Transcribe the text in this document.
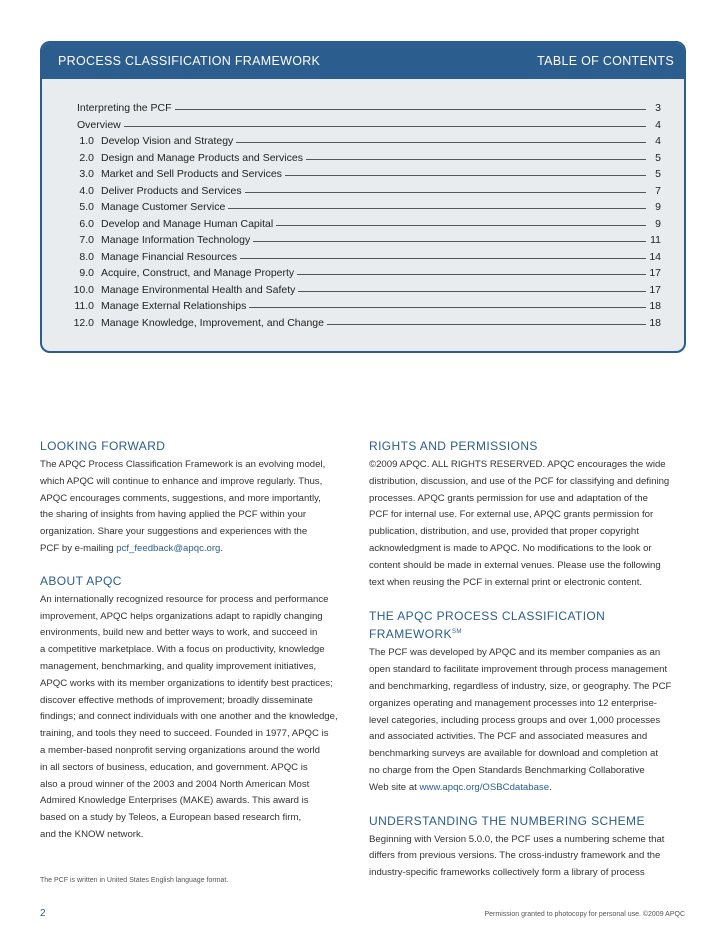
PROCESS CLASSIFICATION FRAMEWORK	TABLE OF CONTENTS
Interpreting the PCF	3
Overview	4
1.0 Develop Vision and Strategy	4
2.0 Design and Manage Products and Services	5
3.0 Market and Sell Products and Services	5
4.0 Deliver Products and Services	7
5.0 Manage Customer Service	9
6.0 Develop and Manage Human Capital	9
7.0 Manage Information Technology	11
8.0 Manage Financial Resources	14
9.0 Acquire, Construct, and Manage Property	17
10.0 Manage Environmental Health and Safety	17
11.0 Manage External Relationships	18
12.0 Manage Knowledge, Improvement, and Change	18
LOOKING FORWARD
The APQC Process Classification Framework is an evolving model,
which APQC will continue to enhance and improve regularly. Thus,
APQC encourages comments, suggestions, and more importantly,
the sharing of insights from having applied the PCF within your
organization. Share your suggestions and experiences with the
PCF by e-mailing pcf_feedback@apqc.org.
ABOUT APQC
An internationally recognized resource for process and performance
improvement, APQC helps organizations adapt to rapidly changing
environments, build new and better ways to work, and succeed in
a competitive marketplace. With a focus on productivity, knowledge
management, benchmarking, and quality improvement initiatives,
APQC works with its member organizations to identify best practices;
discover effective methods of improvement; broadly disseminate
findings; and connect individuals with one another and the knowledge,
training, and tools they need to succeed. Founded in 1977, APQC is
a member-based nonprofit serving organizations around the world
in all sectors of business, education, and government. APQC is
also a proud winner of the 2003 and 2004 North American Most
Admired Knowledge Enterprises (MAKE) awards. This award is
based on a study by Teleos, a European based research firm,
and the KNOW network.
RIGHTS AND PERMISSIONS
©2009 APQC. ALL RIGHTS RESERVED. APQC encourages the wide
distribution, discussion, and use of the PCF for classifying and defining
processes. APQC grants permission for use and adaptation of the
PCF for internal use. For external use, APQC grants permission for
publication, distribution, and use, provided that proper copyright
acknowledgment is made to APQC. No modifications to the look or
content should be made in external venues. Please use the following
text when reusing the PCF in external print or electronic content.
THE APQC PROCESS CLASSIFICATION
FRAMEWORK℠
The PCF was developed by APQC and its member companies as an
open standard to facilitate improvement through process management
and benchmarking, regardless of industry, size, or geography. The PCF
organizes operating and management processes into 12 enterprise-
level categories, including process groups and over 1,000 processes
and associated activities. The PCF and associated measures and
benchmarking surveys are available for download and completion at
no charge from the Open Standards Benchmarking Collaborative
Web site at www.apqc.org/OSBCdatabase.
UNDERSTANDING THE NUMBERING SCHEME
Beginning with Version 5.0.0, the PCF uses a numbering scheme that
differs from previous versions. The cross-industry framework and the
industry-specific frameworks collectively form a library of process
The PCF is written in United States English language format.
2	Permission granted to photocopy for personal use. ©2009 APQC
